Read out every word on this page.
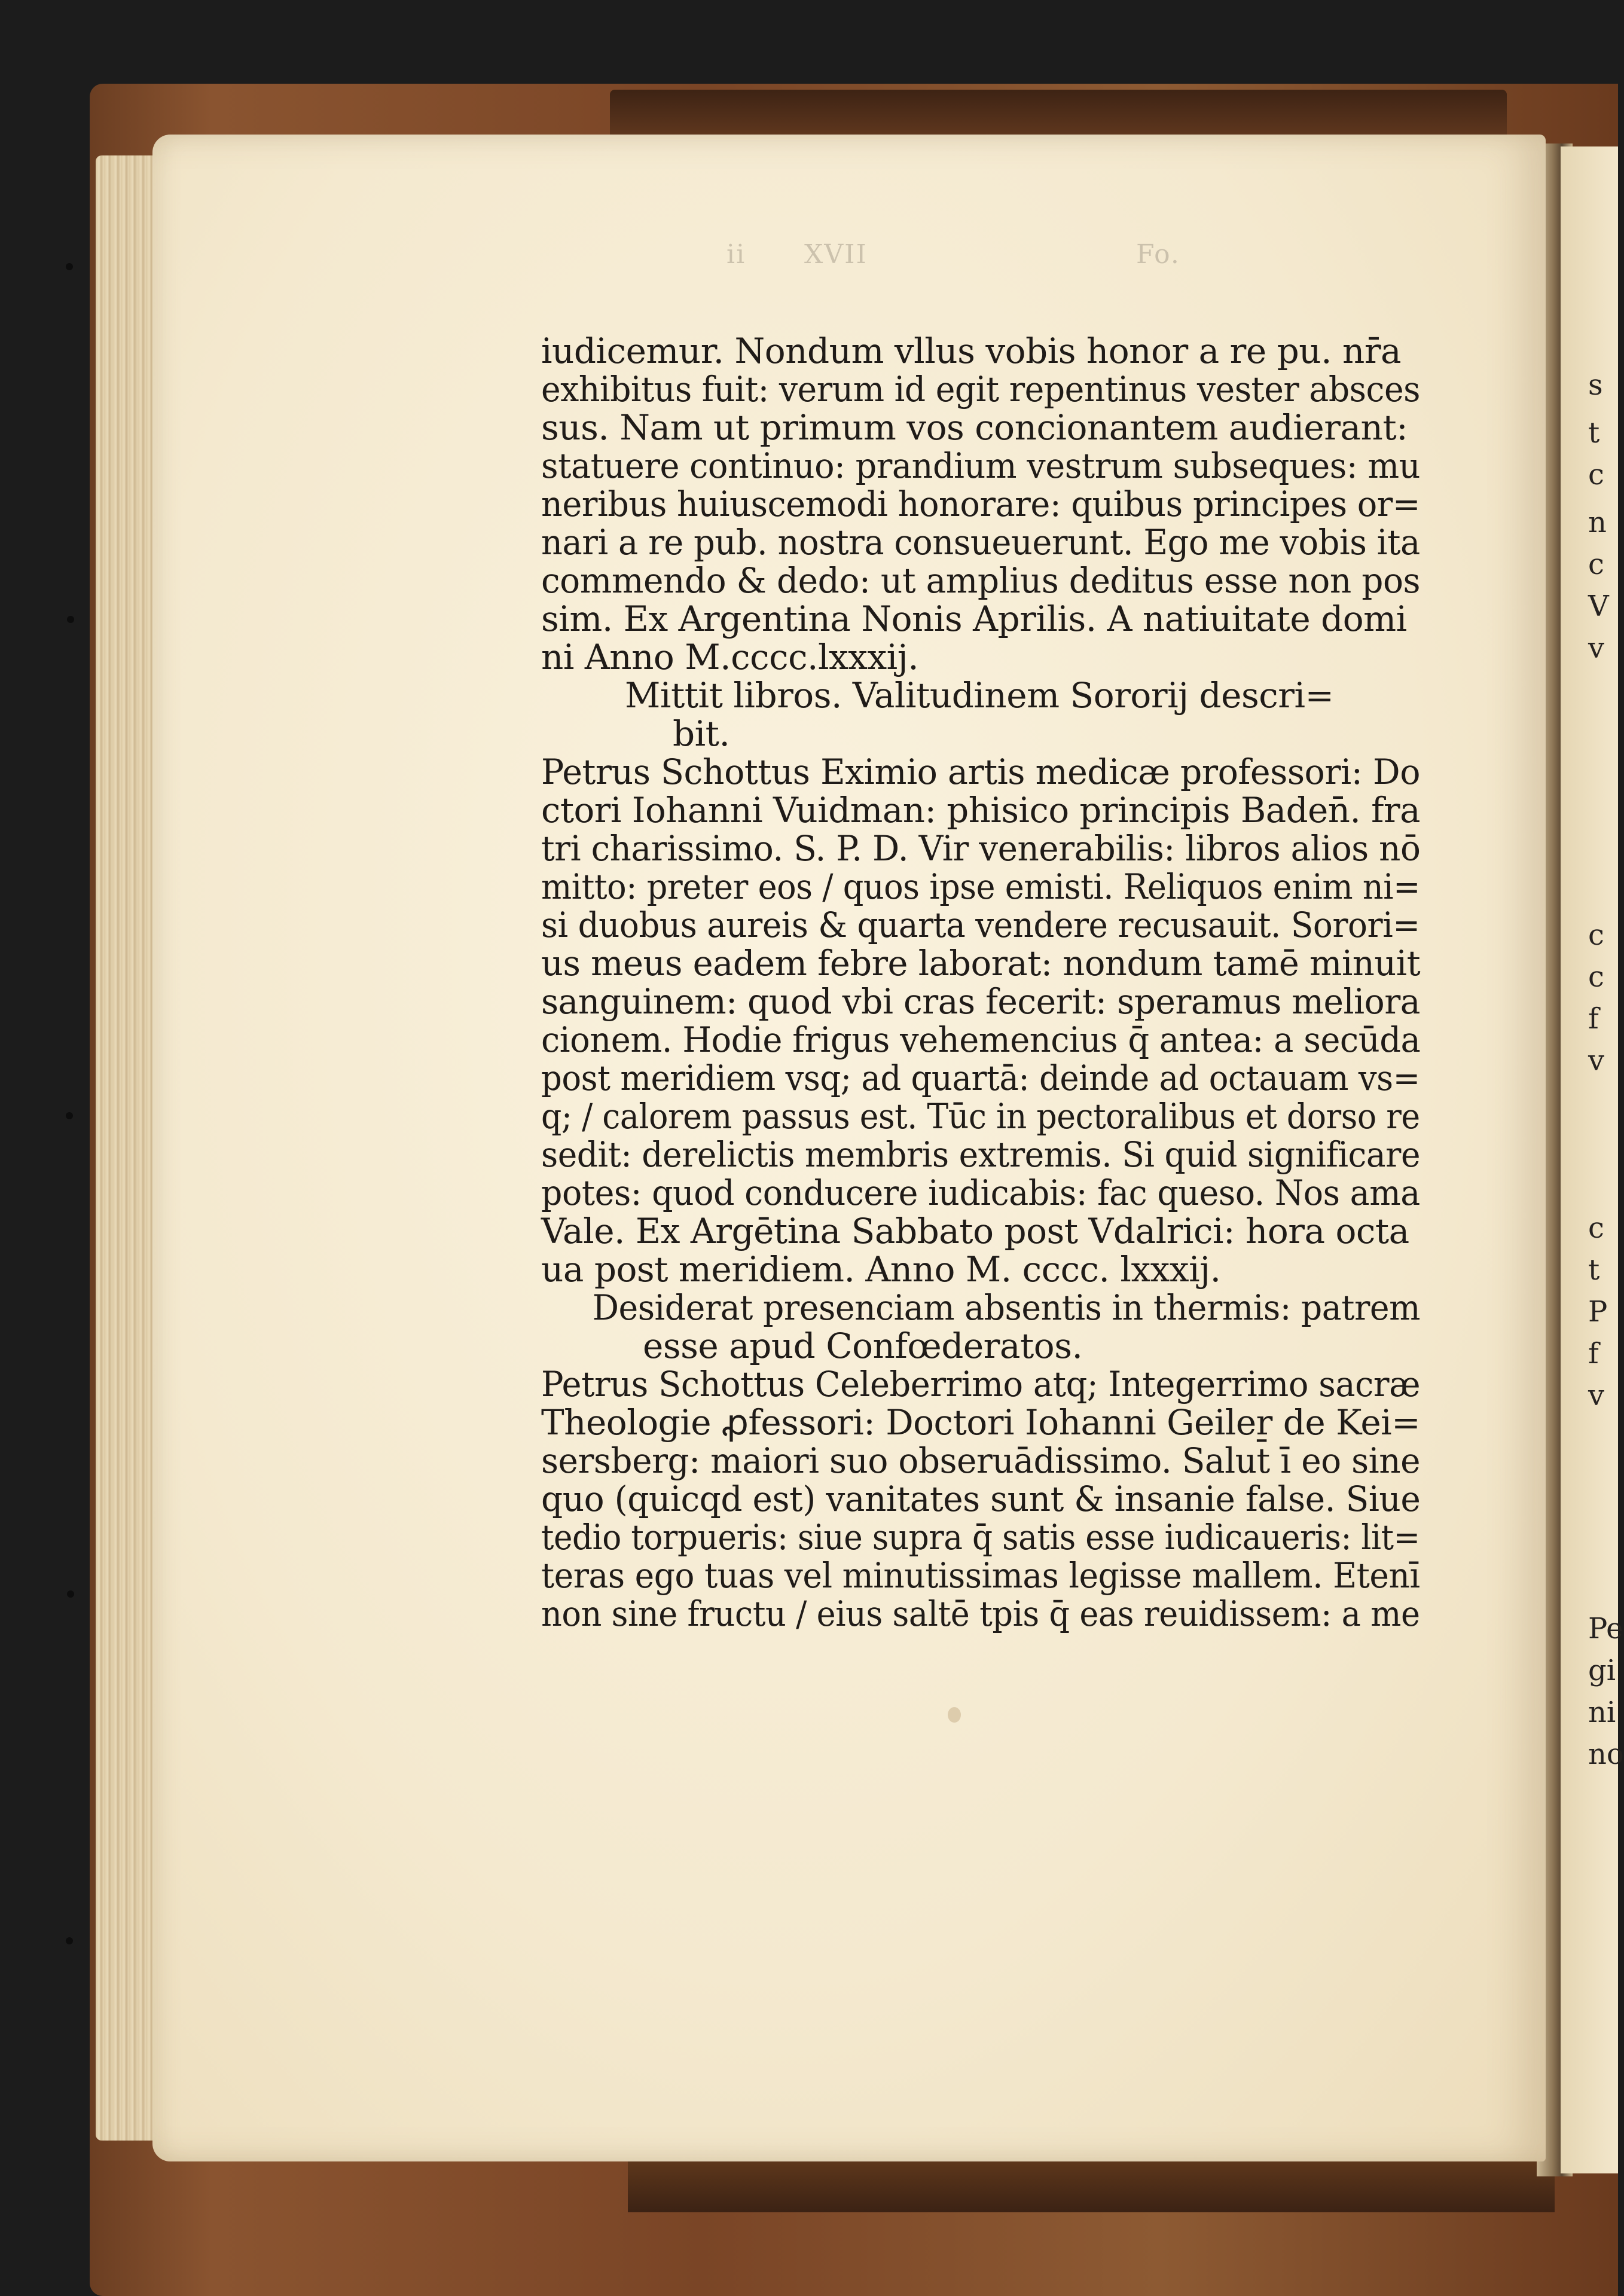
ii XVII	Fo.
iudicemur. Nondum vllus vobis honor a re pu. nr̄a
exhibitus fuit: verum id egit repentinus vester absces
sus. Nam ut primum vos concionantem audierant:
statuere continuo: prandium vestrum subseques: mu
neribus huiuscemodi honorare: quibus principes or=
nari a re pub. nostra consueuerunt. Ego me vobis ita
commendo & dedo: ut amplius deditus esse non pos
sim. Ex Argentina Nonis Aprilis. A natiuitate domi
ni Anno M.cccc.lxxxij.
Mittit libros. Valitudinem Sororij descri=
bit.
Petrus Schottus Eximio artis medicæ professori: Do
ctori Iohanni Vuidman: phisico principis Baden̄. fra
tri charissimo. S. P. D. Vir venerabilis: libros alios nō
mitto: preter eos / quos ipse emisti. Reliquos enim ni=
si duobus aureis & quarta vendere recusauit. Sorori=
us meus eadem febre laborat: nondum tamē minuit
sanguinem: quod vbi cras fecerit: speramus meliora
cionem. Hodie frigus vehemencius q̄ antea: a secūda
post meridiem vsq; ad quartā: deinde ad octauam vs=
q; / calorem passus est. Tūc in pectoralibus et dorso re
sedit: derelictis membris extremis. Si quid significare
potes: quod conducere iudicabis: fac queso. Nos ama
Vale. Ex Argētina Sabbato post Vdalrici: hora octa
ua post meridiem. Anno M. cccc. lxxxij.
Desiderat presenciam absentis in thermis: patrem
esse apud Confœderatos.
Petrus Schottus Celeberrimo atq; Integerrimo sacræ
Theologie ꝓfessori: Doctori Iohanni Geiler de Kei=
sersberg: maiori suo obseruādissimo. Salut̄ ī eo sine
quo (quicqd est) vanitates sunt & insanie false. Siue
tedio torpueris: siue supra q̄ satis esse iudicaueris: lit=
teras ego tuas vel minutissimas legisse mallem. Etenī
non sine fructu / eius saltē tpis q̄ eas reuidissem: a me
s
t
c
n
c
V
v
c
c
f
v
c
t
P
f
v
Pe
gi
ni
no
